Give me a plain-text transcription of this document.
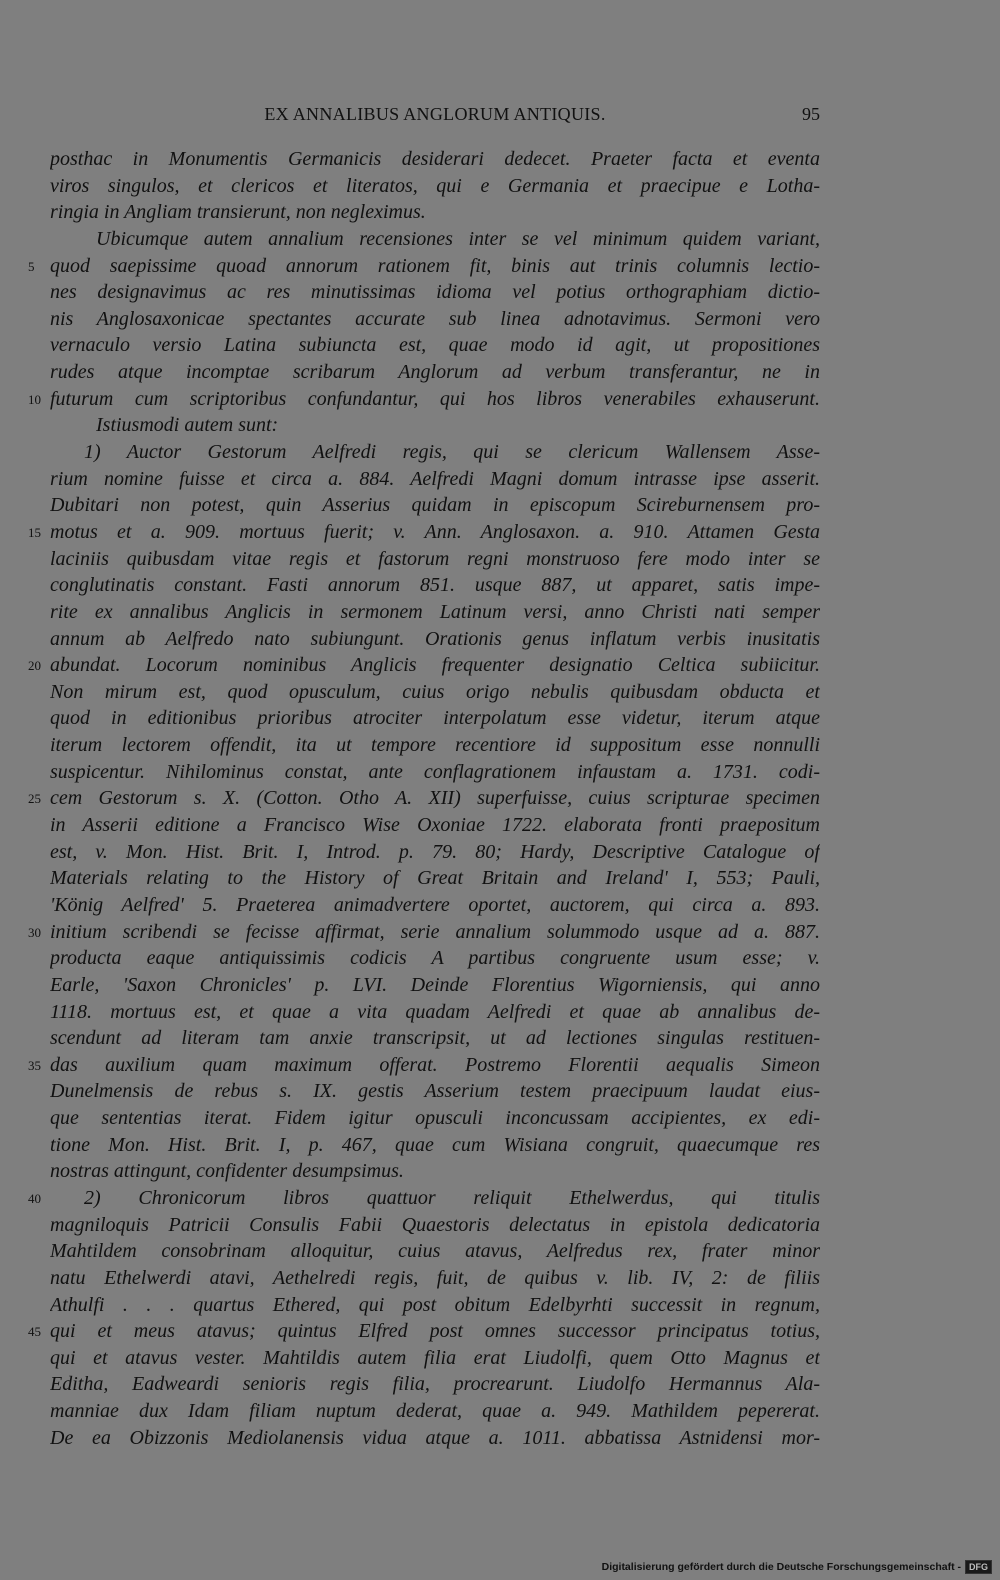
EX ANNALIBUS ANGLORUM ANTIQUIS.	95
posthac in Monumentis Germanicis desiderari dedecet. Praeter facta et eventa
viros singulos, et clericos et literatos, qui e Germania et praecipue e Lotha-
ringia in Angliam transierunt, non negleximus.
Ubicumque autem annalium recensiones inter se vel minimum quidem variant,
5 quod saepissime quoad annorum rationem fit, binis aut trinis columnis lectio-
nes designavimus ac res minutissimas idioma vel potius orthographiam dictio-
nis Anglosaxonicae spectantes accurate sub linea adnotavimus. Sermoni vero
vernaculo versio Latina subiuncta est, quae modo id agit, ut propositiones
rudes atque incomptae scribarum Anglorum ad verbum transferantur, ne in
10 futurum cum scriptoribus confundantur, qui hos libros venerabiles exhauserunt.
Istiusmodi autem sunt:
1) Auctor Gestorum Aelfredi regis, qui se clericum Wallensem Asse-
rium nomine fuisse et circa a. 884. Aelfredi Magni domum intrasse ipse asserit.
Dubitari non potest, quin Asserius quidam in episcopum Scireburnensem pro-
15 motus et a. 909. mortuus fuerit; v. Ann. Anglosaxon. a. 910. Attamen Gesta
laciniis quibusdam vitae regis et fastorum regni monstruoso fere modo inter se
conglutinatis constant. Fasti annorum 851. usque 887, ut apparet, satis impe-
rite ex annalibus Anglicis in sermonem Latinum versi, anno Christi nati semper
annum ab Aelfredo nato subiungunt. Orationis genus inflatum verbis inusitatis
20 abundat. Locorum nominibus Anglicis frequenter designatio Celtica subiicitur.
Non mirum est, quod opusculum, cuius origo nebulis quibusdam obducta et
quod in editionibus prioribus atrociter interpolatum esse videtur, iterum atque
iterum lectorem offendit, ita ut tempore recentiore id suppositum esse nonnulli
suspicentur. Nihilominus constat, ante conflagrationem infaustam a. 1731. codi-
25 cem Gestorum s. X. (Cotton. Otho A. XII) superfuisse, cuius scripturae specimen
in Asserii editione a Francisco Wise Oxoniae 1722. elaborata fronti praepositum
est, v. Mon. Hist. Brit. I, Introd. p. 79. 80; Hardy, Descriptive Catalogue of
Materials relating to the History of Great Britain and Ireland' I, 553; Pauli,
'König Aelfred' 5. Praeterea animadvertere oportet, auctorem, qui circa a. 893.
30 initium scribendi se fecisse affirmat, serie annalium solummodo usque ad a. 887.
producta eaque antiquissimis codicis A partibus congruente usum esse; v.
Earle, 'Saxon Chronicles' p. LVI. Deinde Florentius Wigorniensis, qui anno
1118. mortuus est, et quae a vita quadam Aelfredi et quae ab annalibus de-
scendunt ad literam tam anxie transcripsit, ut ad lectiones singulas restituen-
35 das auxilium quam maximum offerat. Postremo Florentii aequalis Simeon
Dunelmensis de rebus s. IX. gestis Asserium testem praecipuum laudat eius-
que sententias iterat. Fidem igitur opusculi inconcussam accipientes, ex edi-
tione Mon. Hist. Brit. I, p. 467, quae cum Wisiana congruit, quaecumque res
nostras attingunt, confidenter desumpsimus.
40 2) Chronicorum libros quattuor reliquit Ethelwerdus, qui titulis
magniloquis Patricii Consulis Fabii Quaestoris delectatus in epistola dedicatoria
Mahtildem consobrinam alloquitur, cuius atavus, Aelfredus rex, frater minor
natu Ethelwerdi atavi, Aethelredi regis, fuit, de quibus v. lib. IV, 2: de filiis
Athulfi . . . quartus Ethered, qui post obitum Edelbyrhti successit in regnum,
45 qui et meus atavus; quintus Elfred post omnes successor principatus totius,
qui et atavus vester. Mahtildis autem filia erat Liudolfi, quem Otto Magnus et
Editha, Eadweardi senioris regis filia, procrearunt. Liudolfo Hermannus Ala-
manniae dux Idam filiam nuptum dederat, quae a. 949. Mathildem pepererat.
De ea Obizzonis Mediolanensis vidua atque a. 1011. abbatissa Astnidensi mor-
Digitalisierung gefördert durch die Deutsche Forschungsgemeinschaft - DFG
